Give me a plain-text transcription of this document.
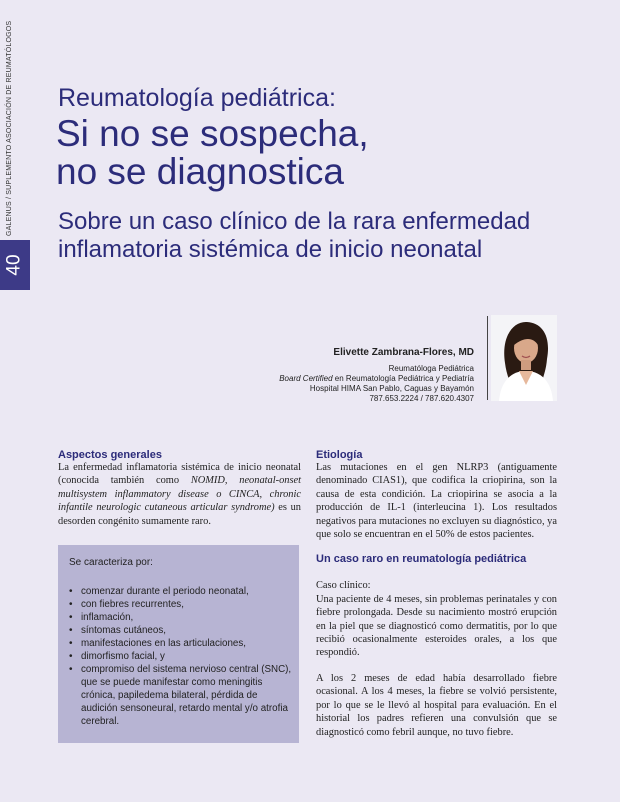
GALENUS / SUPLEMENTO ASOCIACIÓN DE REUMATÓLOGOS
40
Reumatología pediátrica:
Si no se sospecha,
no se diagnostica
Sobre un caso clínico de la rara enfermedad inflamatoria sistémica de inicio neonatal
Elivette Zambrana-Flores, MD
Reumatóloga Pediátrica
Board Certified en Reumatología Pediátrica y Pediatría
Hospital HIMA San Pablo, Caguas y Bayamón
787.653.2224 / 787.620.4307
Aspectos generales

La enfermedad inflamatoria sistémica de inicio neonatal (conocida también como NOMID, neonatal-onset multisystem inflammatory disease o CINCA, chronic infantile neurologic cutaneous articular syndrome) es un desorden congénito sumamente raro.

Se caracteriza por:
• comenzar durante el periodo neonatal,
• con fiebres recurrentes,
• inflamación,
• síntomas cutáneos,
• manifestaciones en las articulaciones,
• dimorfismo facial, y
• compromiso del sistema nervioso central (SNC), que se puede manifestar como meningitis crónica, papiledema bilateral, pérdida de audición sensoneural, retardo mental y/o atrofia cerebral.
Etiología

Las mutaciones en el gen NLRP3 (antiguamente denominado CIAS1), que codifica la criopirina, son la causa de esta condición. La criopirina se asocia a la producción de IL-1 (interleucina 1). Los resultados negativos para mutaciones no excluyen su diagnóstico, ya que solo se encuentran en el 50% de estos pacientes.

Un caso raro en reumatología pediátrica

Caso clínico:

Una paciente de 4 meses, sin problemas perinatales y con fiebre prolongada. Desde su nacimiento mostró erupción en la piel que se diagnosticó como dermatitis, por lo que recibió ocasionalmente esteroides orales, a los que respondió.

A los 2 meses de edad había desarrollado fiebre ocasional. A los 4 meses, la fiebre se volvió persistente, por lo que se le llevó al hospital para evaluación. En el historial los padres refieren una convulsión que se diagnosticó como febril aunque, no tuvo fiebre.
